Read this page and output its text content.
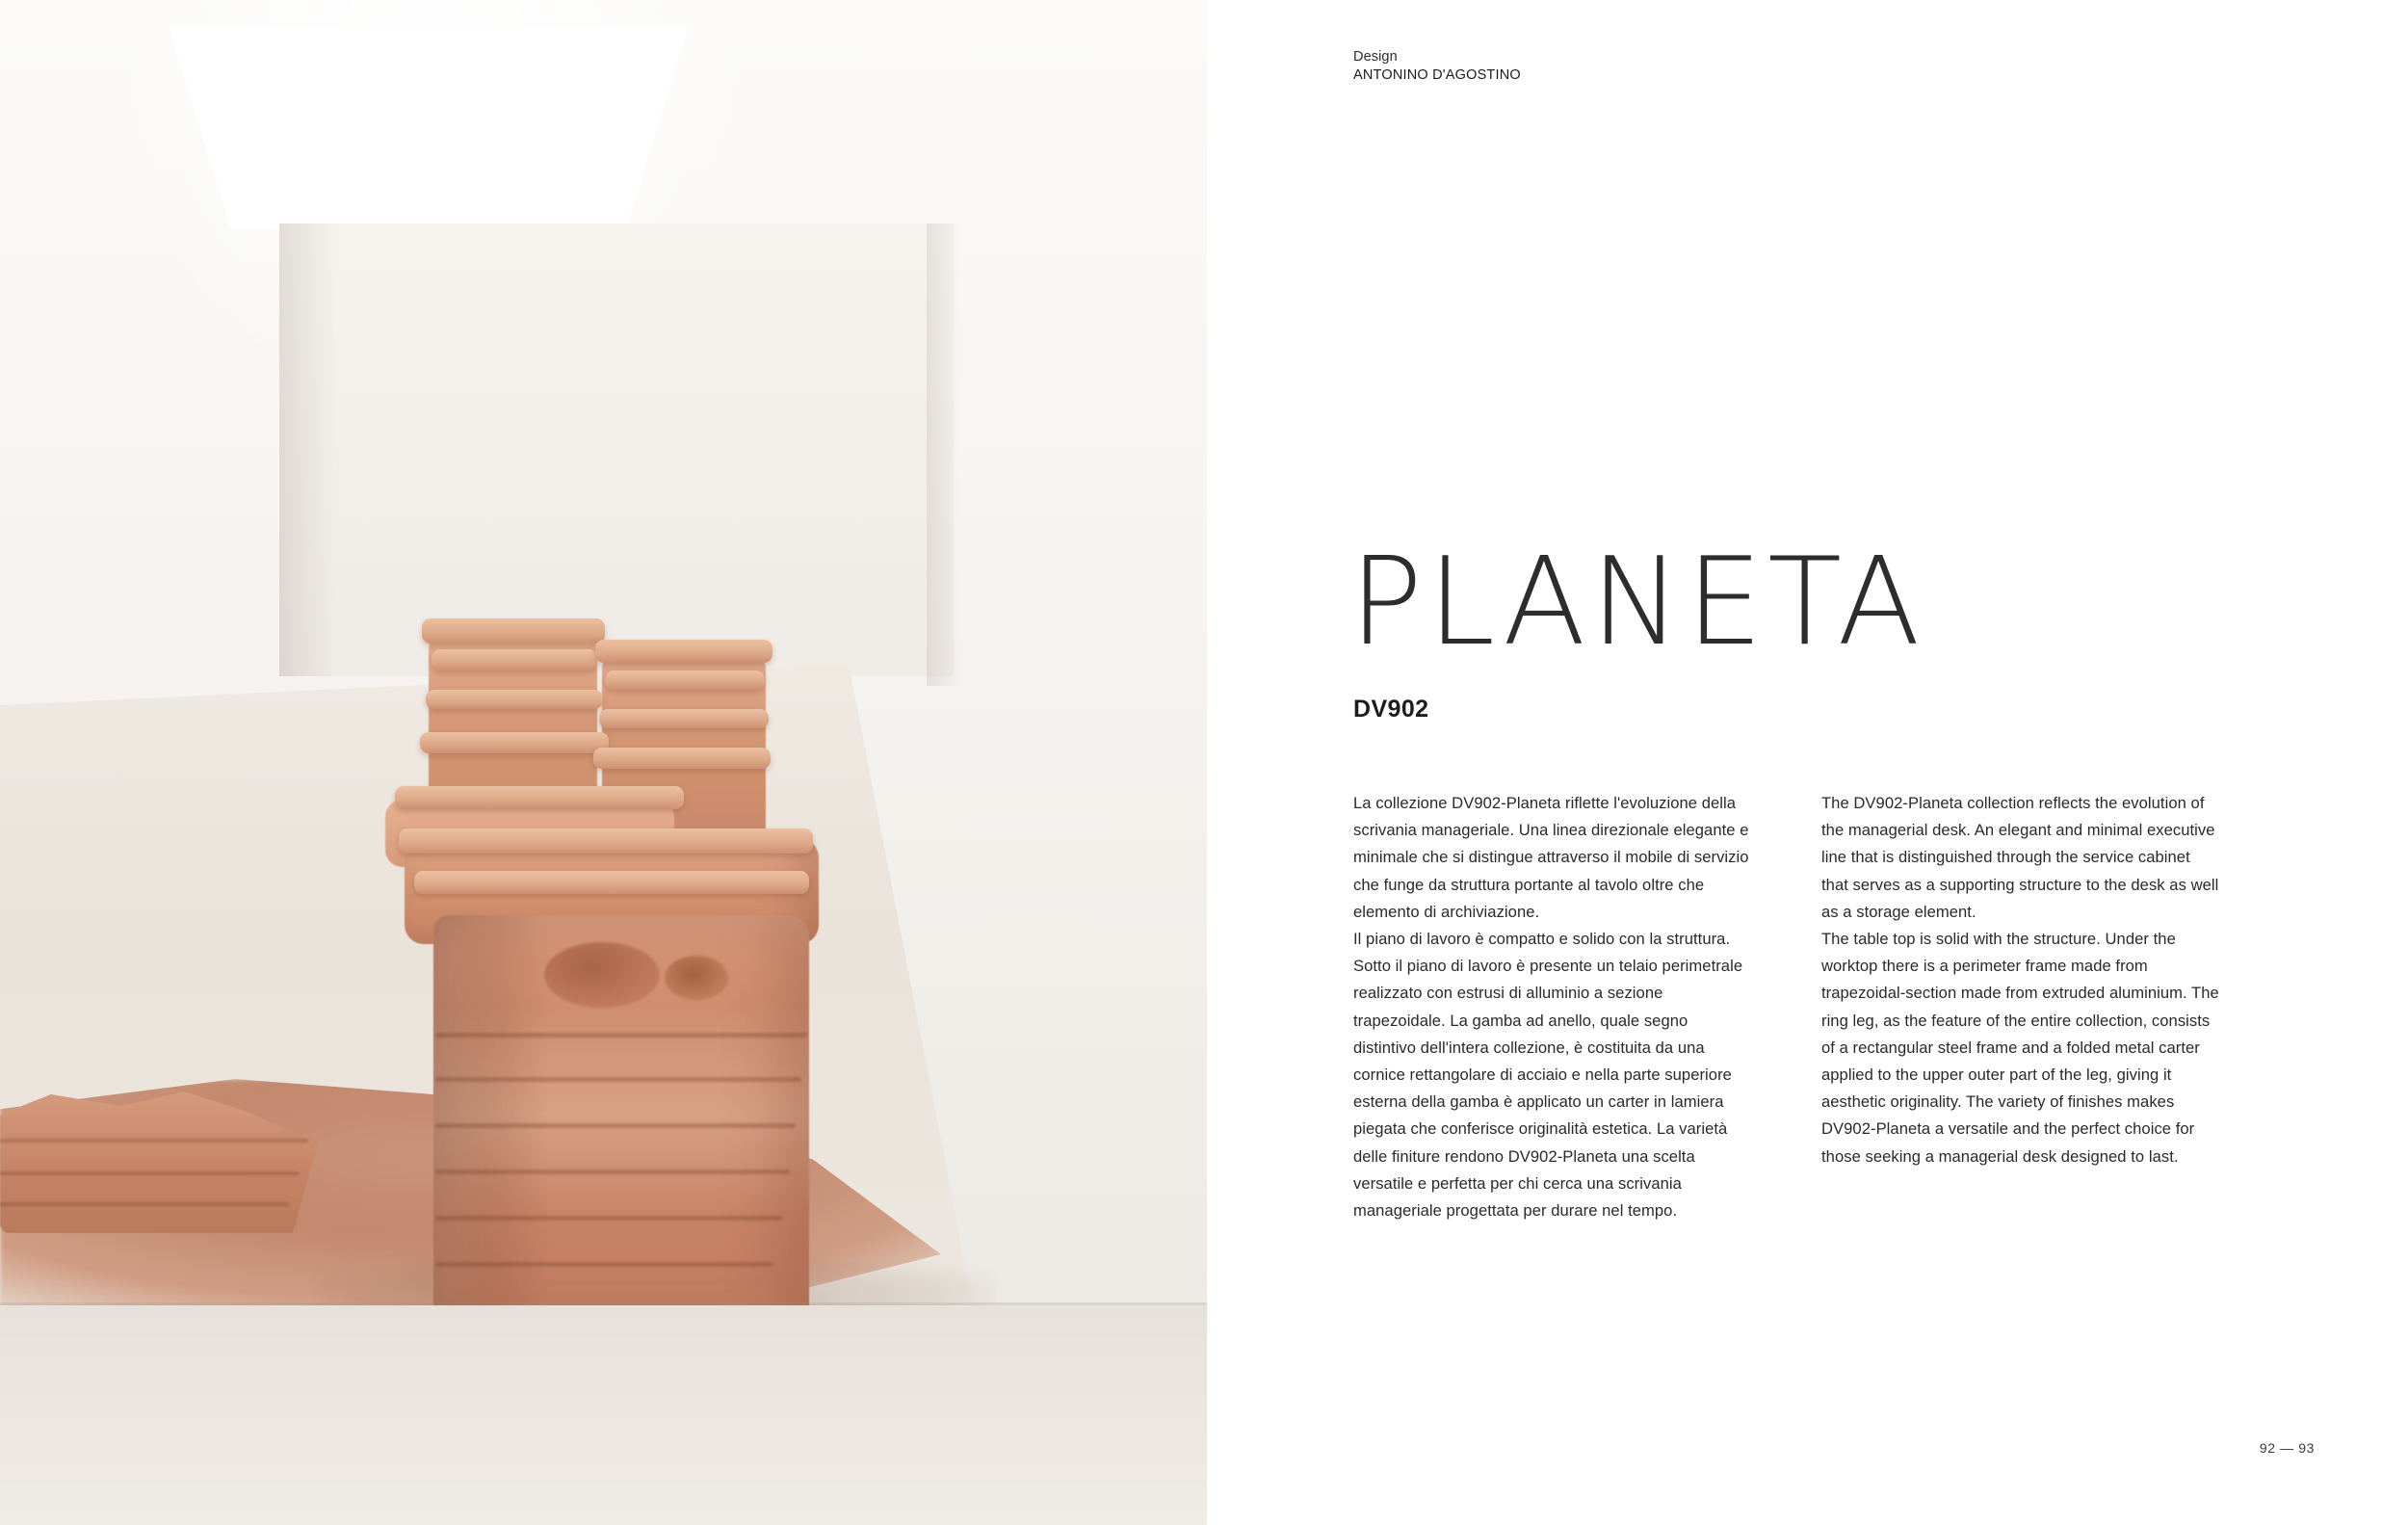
Design
ANTONINO D'AGOSTINO
PLANETA
DV902

La collezione DV902-Planeta riflette l'evoluzione della scrivania manageriale. Una linea direzionale elegante e minimale che si distingue attraverso il mobile di servizio che funge da struttura portante al tavolo oltre che elemento di archiviazione.

Il piano di lavoro è compatto e solido con la struttura. Sotto il piano di lavoro è presente un telaio perimetrale realizzato con estrusi di alluminio a sezione trapezoidale. La gamba ad anello, quale segno distintivo dell'intera collezione, è costituita da una cornice rettangolare di acciaio e nella parte superiore esterna della gamba è applicato un carter in lamiera piegata che conferisce originalità estetica. La varietà delle finiture rendono DV902-Planeta una scelta versatile e perfetta per chi cerca una scrivania manageriale progettata per durare nel tempo.

The DV902-Planeta collection reflects the evolution of the managerial desk. An elegant and minimal executive line that is distinguished through the service cabinet that serves as a supporting structure to the desk as well as a storage element.

The table top is solid with the structure. Under the worktop there is a perimeter frame made from trapezoidal-section made from extruded aluminium. The ring leg, as the feature of the entire collection, consists of a rectangular steel frame and a folded metal carter applied to the upper outer part of the leg, giving it aesthetic originality. The variety of finishes makes DV902-Planeta a versatile and the perfect choice for those seeking a managerial desk designed to last.

92 — 93
